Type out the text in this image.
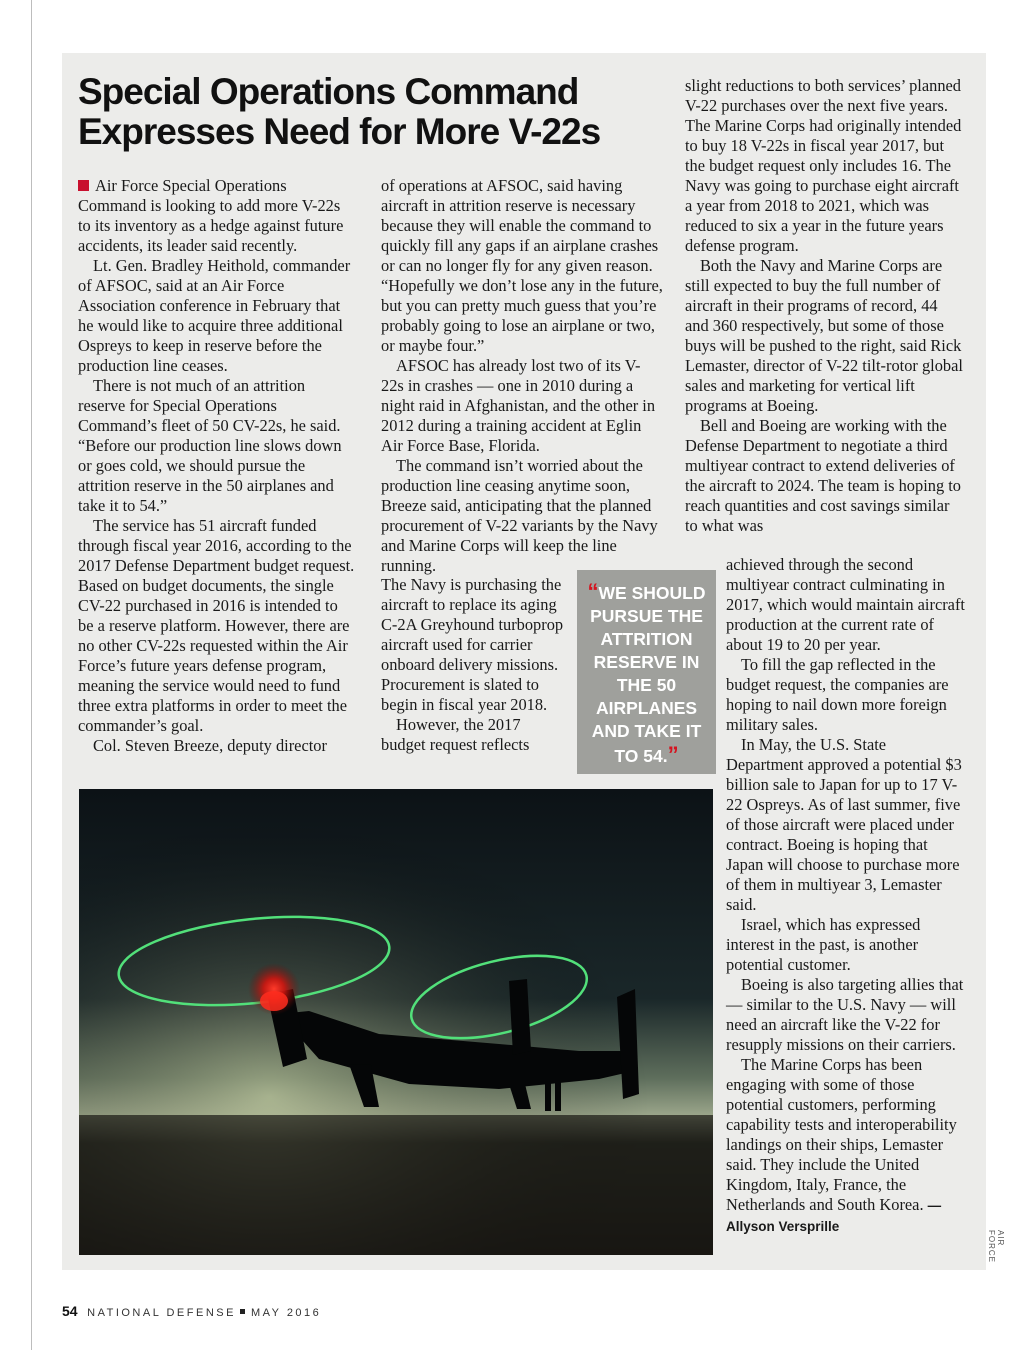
Special Operations Command
Expresses Need for More V-22s

Air Force Special Operations Command is looking to add more V-22s to its inventory as a hedge against future accidents, its leader said recently.

Lt. Gen. Bradley Heithold, commander of AFSOC, said at an Air Force Association conference in February that he would like to acquire three additional Ospreys to keep in reserve before the production line ceases.

There is not much of an attrition reserve for Special Operations Command’s fleet of 50 CV-22s, he said. “Before our production line slows down or goes cold, we should pursue the attrition reserve in the 50 airplanes and take it to 54.”

The service has 51 aircraft funded through fiscal year 2016, according to the 2017 Defense Department budget request. Based on budget documents, the single CV-22 purchased in 2016 is intended to be a reserve platform. However, there are no other CV-22s requested within the Air Force’s future years defense program, meaning the service would need to fund three extra platforms in order to meet the commander’s goal.

Col. Steven Breeze, deputy director

of operations at AFSOC, said having aircraft in attrition reserve is necessary because they will enable the command to quickly fill any gaps if an airplane crashes or can no longer fly for any given reason. “Hopefully we don’t lose any in the future, but you can pretty much guess that you’re probably going to lose an airplane or two, or maybe four.”

AFSOC has already lost two of its V-22s in crashes — one in 2010 during a night raid in Afghanistan, and the other in 2012 during a training accident at Eglin Air Force Base, Florida.

The command isn’t worried about the production line ceasing anytime soon, Breeze said, anticipating that the planned procurement of V-22 variants by the Navy and Marine Corps will keep the line running.

The Navy is purchasing the aircraft to replace its aging C-2A Greyhound turboprop aircraft used for carrier onboard delivery missions. Procurement is slated to begin in fiscal year 2018.

However, the 2017 budget request reflects

“WE SHOULD PURSUE THE ATTRITION RESERVE IN THE 50 AIRPLANES AND TAKE IT TO 54.”

slight reductions to both services’ planned V-22 purchases over the next five years. The Marine Corps had originally intended to buy 18 V-22s in fiscal year 2017, but the budget request only includes 16. The Navy was going to purchase eight aircraft a year from 2018 to 2021, which was reduced to six a year in the future years defense program.

Both the Navy and Marine Corps are still expected to buy the full number of aircraft in their programs of record, 44 and 360 respectively, but some of those buys will be pushed to the right, said Rick Lemaster, director of V-22 tilt-rotor global sales and marketing for vertical lift programs at Boeing.

Bell and Boeing are working with the Defense Department to negotiate a third multiyear contract to extend deliveries of the aircraft to 2024. The team is hoping to reach quantities and cost savings similar to what was

achieved through the second multiyear contract culminating in 2017, which would maintain aircraft production at the current rate of about 19 to 20 per year.

To fill the gap reflected in the budget request, the companies are hoping to nail down more foreign military sales.

In May, the U.S. State Department approved a potential $3 billion sale to Japan for up to 17 V-22 Ospreys. As of last summer, five of those aircraft were placed under contract. Boeing is hoping that Japan will choose to purchase more of them in multiyear 3, Lemaster said.

Israel, which has expressed interest in the past, is another potential customer.

Boeing is also targeting allies that — similar to the U.S. Navy — will need an aircraft like the V-22 for resupply missions on their carriers.

The Marine Corps has been engaging with some of those potential customers, performing capability tests and interoperability landings on their ships, Lemaster said. They include the United Kingdom, Italy, France, the Netherlands and South Korea. — Allyson Versprille

AIR FORCE
54 NATIONAL DEFENSE MAY 2016
